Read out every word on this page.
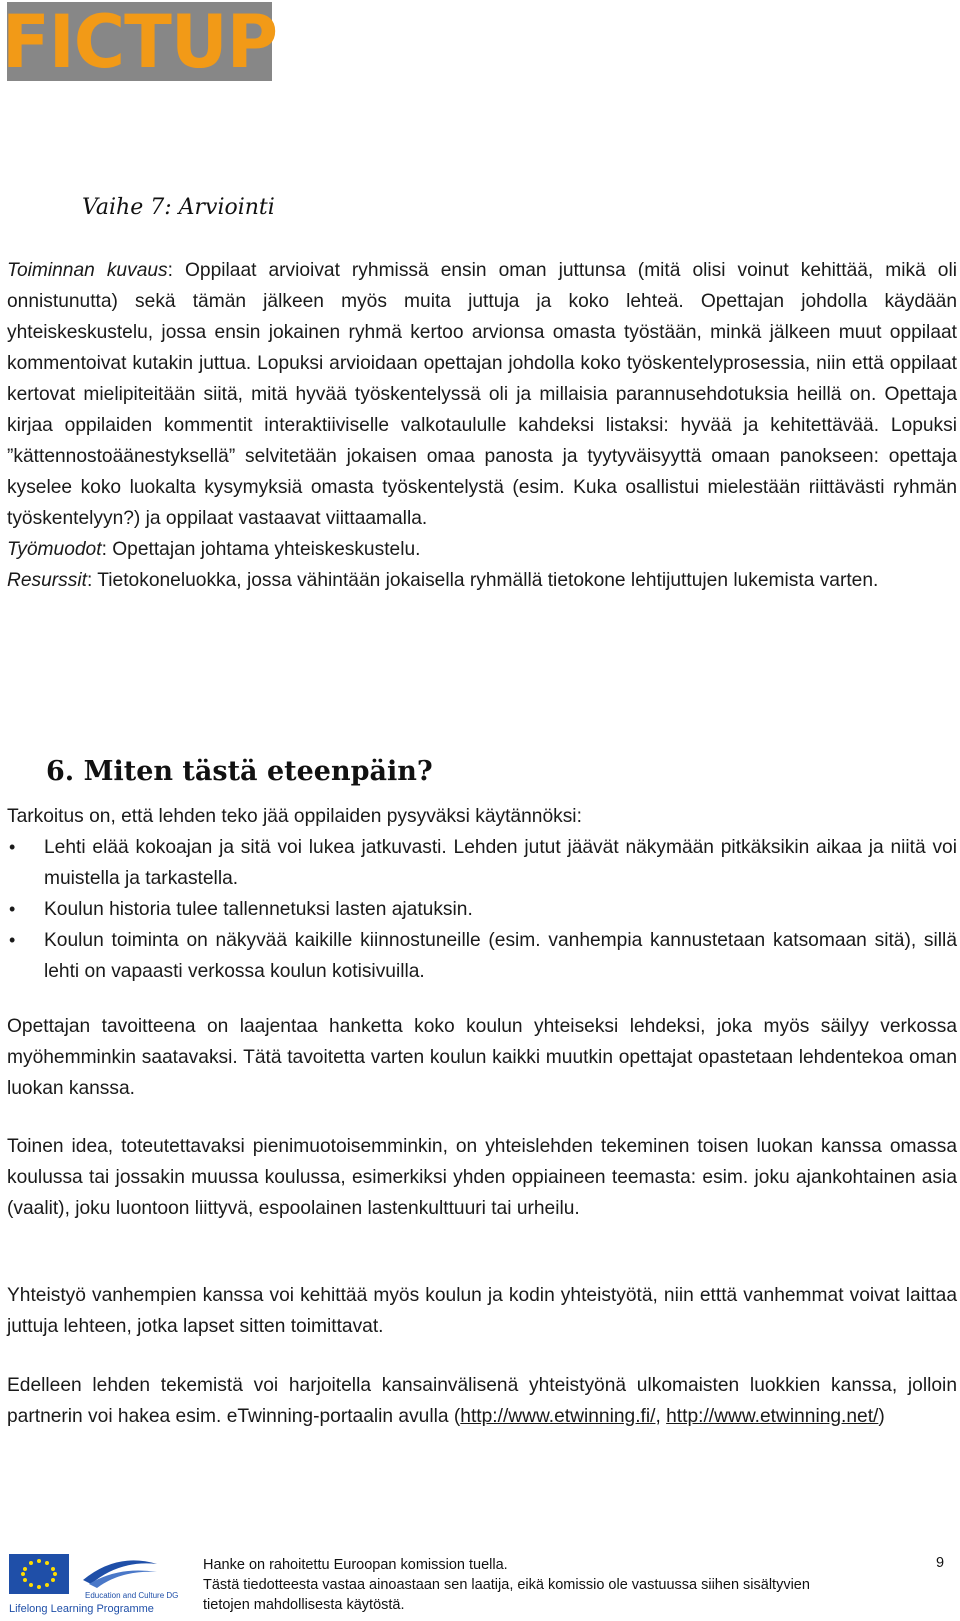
FICTUP
Vaihe 7: Arviointi

Toiminnan kuvaus: Oppilaat arvioivat ryhmissä ensin oman juttunsa (mitä olisi voinut kehittää, mikä oli onnistunutta) sekä tämän jälkeen myös muita juttuja ja koko lehteä. Opettajan johdolla käydään yhteiskeskustelu, jossa ensin jokainen ryhmä kertoo arvionsa omasta työstään, minkä jälkeen muut oppilaat kommentoivat kutakin juttua. Lopuksi arvioidaan opettajan johdolla koko työskentelyprosessia, niin että oppilaat kertovat mielipiteitään siitä, mitä hyvää työskentelyssä oli ja millaisia parannusehdotuksia heillä on. Opettaja kirjaa oppilaiden kommentit interaktiiviselle valkotaululle kahdeksi listaksi: hyvää ja kehitettävää. Lopuksi ”kättennostoäänestyksellä” selvitetään jokaisen omaa panosta ja tyytyväisyyttä omaan panokseen: opettaja kyselee koko luokalta kysymyksiä omasta työskentelystä (esim. Kuka osallistui mielestään riittävästi ryhmän työskentelyyn?) ja oppilaat vastaavat viittaamalla.

Työmuodot: Opettajan johtama yhteiskeskustelu.

Resurssit: Tietokoneluokka, jossa vähintään jokaisella ryhmällä tietokone lehtijuttujen lukemista varten.

6. Miten tästä eteenpäin?

Tarkoitus on, että lehden teko jää oppilaiden pysyväksi käytännöksi:

• Lehti elää kokoajan ja sitä voi lukea jatkuvasti. Lehden jutut jäävät näkymään pitkäksikin aikaa ja niitä voi muistella ja tarkastella.
• Koulun historia tulee tallennetuksi lasten ajatuksin.
• Koulun toiminta on näkyvää kaikille kiinnostuneille (esim. vanhempia kannustetaan katsomaan sitä), sillä lehti on vapaasti verkossa koulun kotisivuilla.
Opettajan tavoitteena on laajentaa hanketta koko koulun yhteiseksi lehdeksi, joka myös säilyy verkossa myöhemminkin saatavaksi. Tätä tavoitetta varten koulun kaikki muutkin opettajat opastetaan lehdentekoa oman luokan kanssa.
Toinen idea, toteutettavaksi pienimuotoisemminkin, on yhteislehden tekeminen toisen luokan kanssa omassa koulussa tai jossakin muussa koulussa, esimerkiksi yhden oppiaineen teemasta: esim. joku ajankohtainen asia (vaalit), joku luontoon liittyvä, espoolainen lastenkulttuuri tai urheilu.
Yhteistyö vanhempien kanssa voi kehittää myös koulun ja kodin yhteistyötä, niin etttä vanhemmat voivat laittaa juttuja lehteen, jotka lapset sitten toimittavat.

Edelleen lehden tekemistä voi harjoitella kansainvälisenä yhteistyönä ulkomaisten luokkien kanssa, jolloin partnerin voi hakea esim. eTwinning-portaalin avulla (http://www.etwinning.fi/, http://www.etwinning.net/)

Education and Culture DG
Lifelong Learning Programme
Hanke on rahoitettu Euroopan komission tuella.
Tästä tiedotteesta vastaa ainoastaan sen laatija, eikä komissio ole vastuussa siihen sisältyvien
tietojen mahdollisesta käytöstä.
9
